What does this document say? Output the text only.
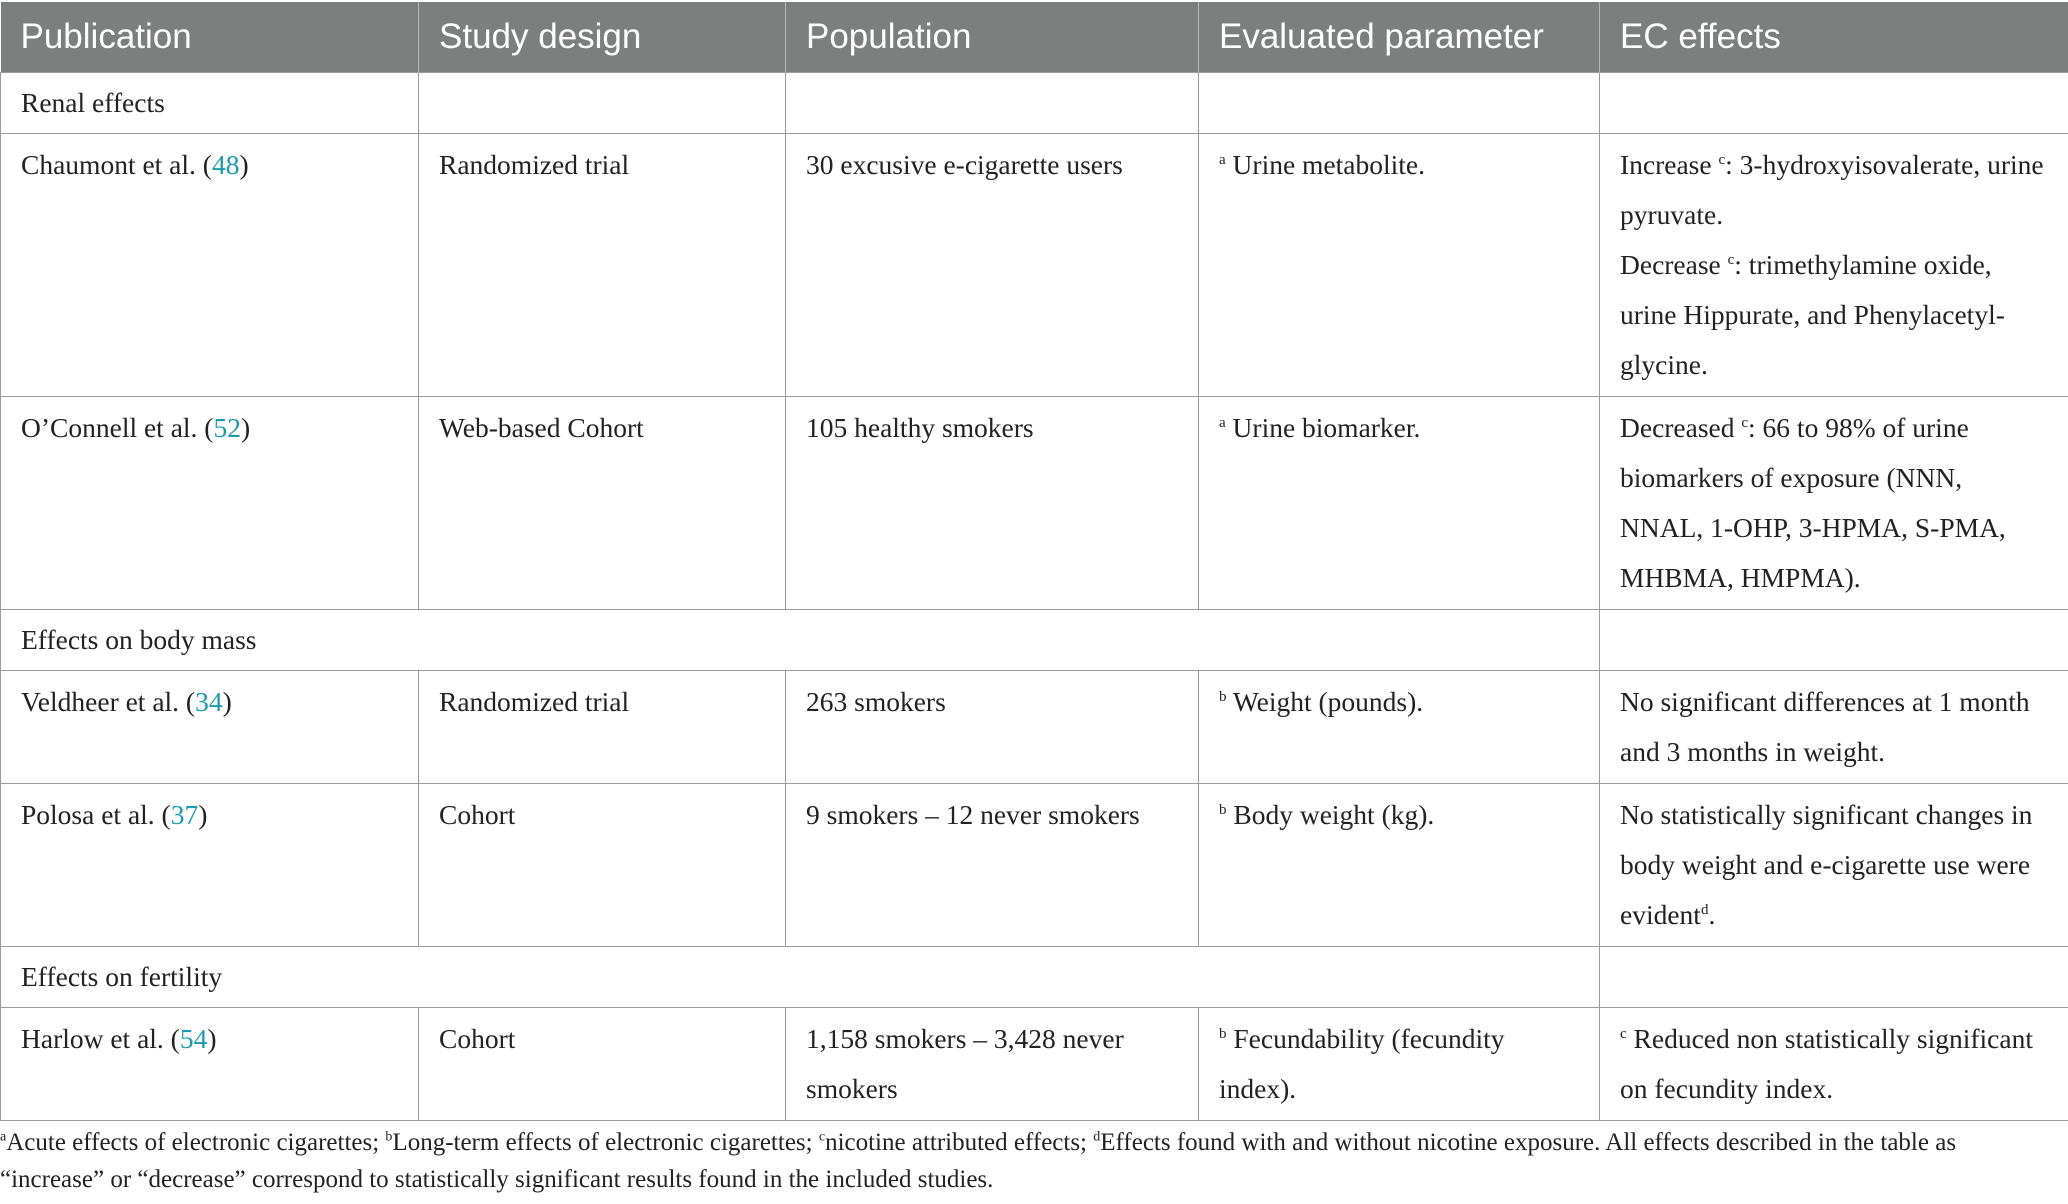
Publication	Study design	Population	Evaluated parameter	EC effects
Renal effects				
Chaumont et al. (48)	Randomized trial	30 excusive e-cigarette users	$^a$ Urine metabolite.	Increase $^c$: 3-hydroxyisovalerate, urine pyruvate.
Decrease $^c$: trimethylamine oxide, urine Hippurate, and Phenylacetyl-glycine.

O’Connell et al. (52)	Web-based Cohort	105 healthy smokers	$^a$ Urine biomarker.	Decreased $^c$: 66 to 98% of urine biomarkers of exposure (NNN, NNAL, 1-OHP, 3-HPMA, S-PMA, MHBMA, HMPMA).
Effects on body mass				
Veldheer et al. (34)	Randomized trial	263 smokers	$^b$ Weight (pounds).	No significant differences at 1 month and 3 months in weight.
Polosa et al. (37)	Cohort	9 smokers – 12 never smokers	$^b$ Body weight (kg).	No statistically significant changes in body weight and e-cigarette use were evident$^d$.
Effects on fertility				
Harlow et al. (54)	Cohort	1,158 smokers – 3,428 never smokers	$^b$ Fecundability (fecundity index).	$^c$ Reduced non statistically significant on fecundity index.
$^a$Acute effects of electronic cigarettes; $^b$Long-term effects of electronic cigarettes; $^c$nicotine attributed effects; $^d$Effects found with and without nicotine exposure. All effects described in the table as “increase” or “decrease” correspond to statistically significant results found in the included studies.
